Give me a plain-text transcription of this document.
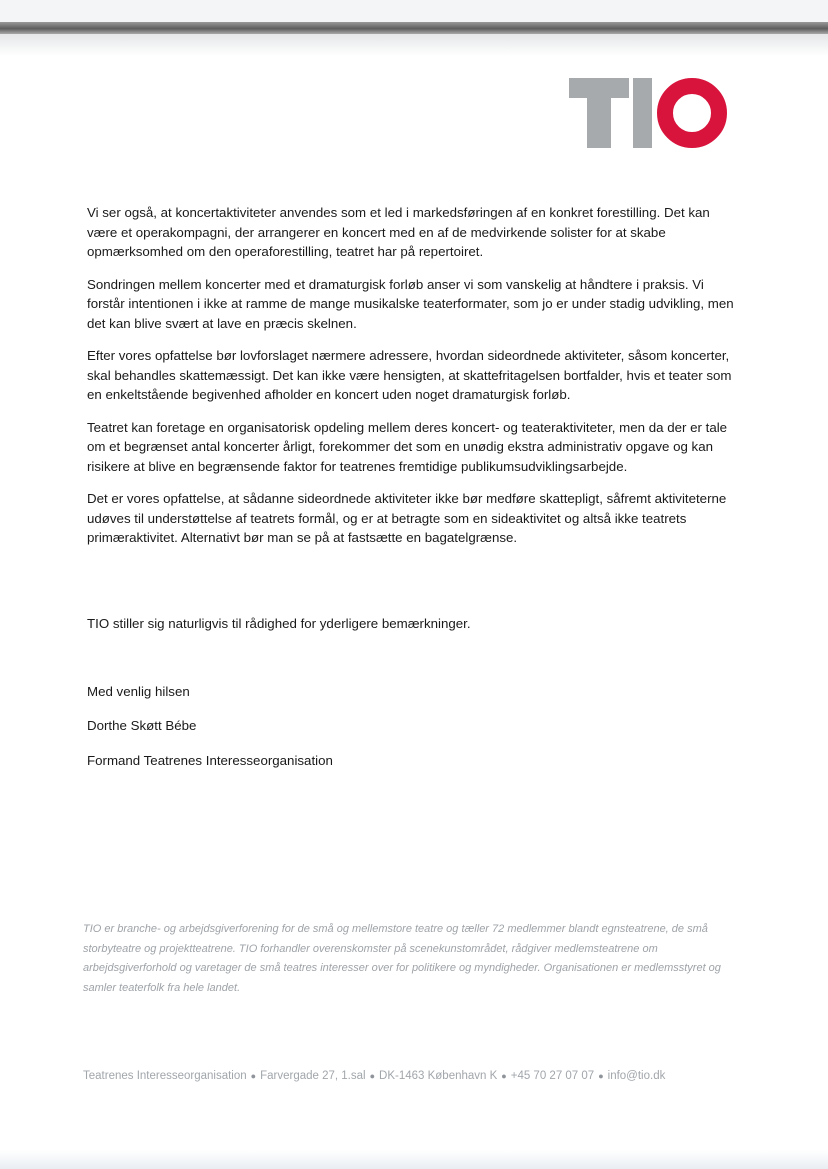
Vi ser også, at koncertaktiviteter anvendes som et led i markedsføringen af en konkret forestilling. Det kan være et operakompagni, der arrangerer en koncert med en af de medvirkende solister for at skabe opmærksomhed om den operaforestilling, teatret har på repertoiret.

Sondringen mellem koncerter med et dramaturgisk forløb anser vi som vanskelig at håndtere i praksis. Vi forstår intentionen i ikke at ramme de mange musikalske teaterformater, som jo er under stadig udvikling, men det kan blive svært at lave en præcis skelnen.

Efter vores opfattelse bør lovforslaget nærmere adressere, hvordan sideordnede aktiviteter, såsom koncerter, skal behandles skattemæssigt. Det kan ikke være hensigten, at skattefritagelsen bortfalder, hvis et teater som en enkeltstående begivenhed afholder en koncert uden noget dramaturgisk forløb.

Teatret kan foretage en organisatorisk opdeling mellem deres koncert- og teateraktiviteter, men da der er tale om et begrænset antal koncerter årligt, forekommer det som en unødig ekstra administrativ opgave og kan risikere at blive en begrænsende faktor for teatrenes fremtidige publikumsudviklingsarbejde.

Det er vores opfattelse, at sådanne sideordnede aktiviteter ikke bør medføre skattepligt, såfremt aktiviteterne udøves til understøttelse af teatrets formål, og er at betragte som en sideaktivitet og altså ikke teatrets primæraktivitet. Alternativt bør man se på at fastsætte en bagatelgrænse.

TIO stiller sig naturligvis til rådighed for yderligere bemærkninger.

Med venlig hilsen

Dorthe Skøtt Bébe

Formand Teatrenes Interesseorganisation

TIO er branche- og arbejdsgiverforening for de små og mellemstore teatre og tæller 72 medlemmer blandt egnsteatrene, de små storbyteatre og projektteatrene. TIO forhandler overenskomster på scenekunstområdet, rådgiver medlemsteatrene om arbejdsgiverforhold og varetager de små teatres interesser over for politikere og myndigheder. Organisationen er medlemsstyret og samler teaterfolk fra hele landet.
Teatrenes Interesseorganisation ● Farvergade 27, 1.sal ● DK-1463 København K ● +45 70 27 07 07 ● info@tio.dk
